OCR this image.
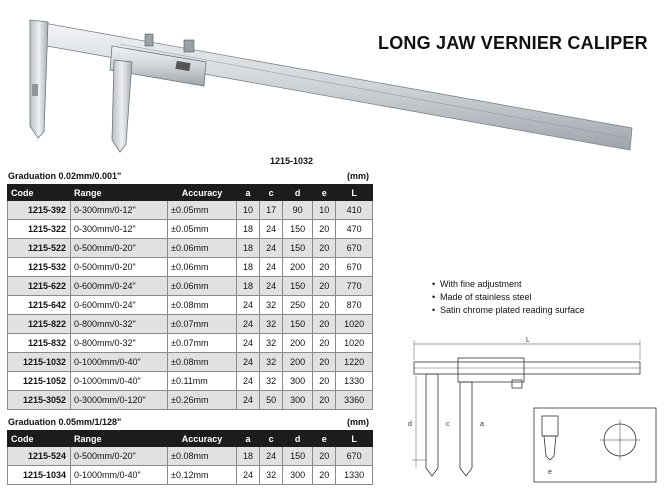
LONG JAW VERNIER CALIPER
1215-1032
Graduation 0.02mm/0.001"	(mm)
Code	Range	Accuracy	a	c	d	e	L
1215-392	0-300mm/0-12"	±0.05mm	10	17	90	10	410
1215-322	0-300mm/0-12"	±0.05mm	18	24	150	20	470
1215-522	0-500mm/0-20"	±0.06mm	18	24	150	20	670
1215-532	0-500mm/0-20"	±0.06mm	18	24	200	20	670
1215-622	0-600mm/0-24"	±0.06mm	18	24	150	20	770
1215-642	0-600mm/0-24"	±0.08mm	24	32	250	20	870
1215-822	0-800mm/0-32"	±0.07mm	24	32	150	20	1020
1215-832	0-800mm/0-32"	±0.07mm	24	32	200	20	1020
1215-1032	0-1000mm/0-40"	±0.08mm	24	32	200	20	1220
1215-1052	0-1000mm/0-40"	±0.11mm	24	32	300	20	1330
1215-3052	0-3000mm/0-120"	±0.26mm	24	50	300	20	3360
Graduation 0.05mm/1/128"	(mm)
Code	Range	Accuracy	a	c	d	e	L
1215-524	0-500mm/0-20"	±0.08mm	18	24	150	20	670
1215-1034	0-1000mm/0-40"	±0.12mm	24	32	300	20	1330
• With fine adjustment
• Made of stainless steel
• Satin chrome plated reading surface
L
d	c	a
e
